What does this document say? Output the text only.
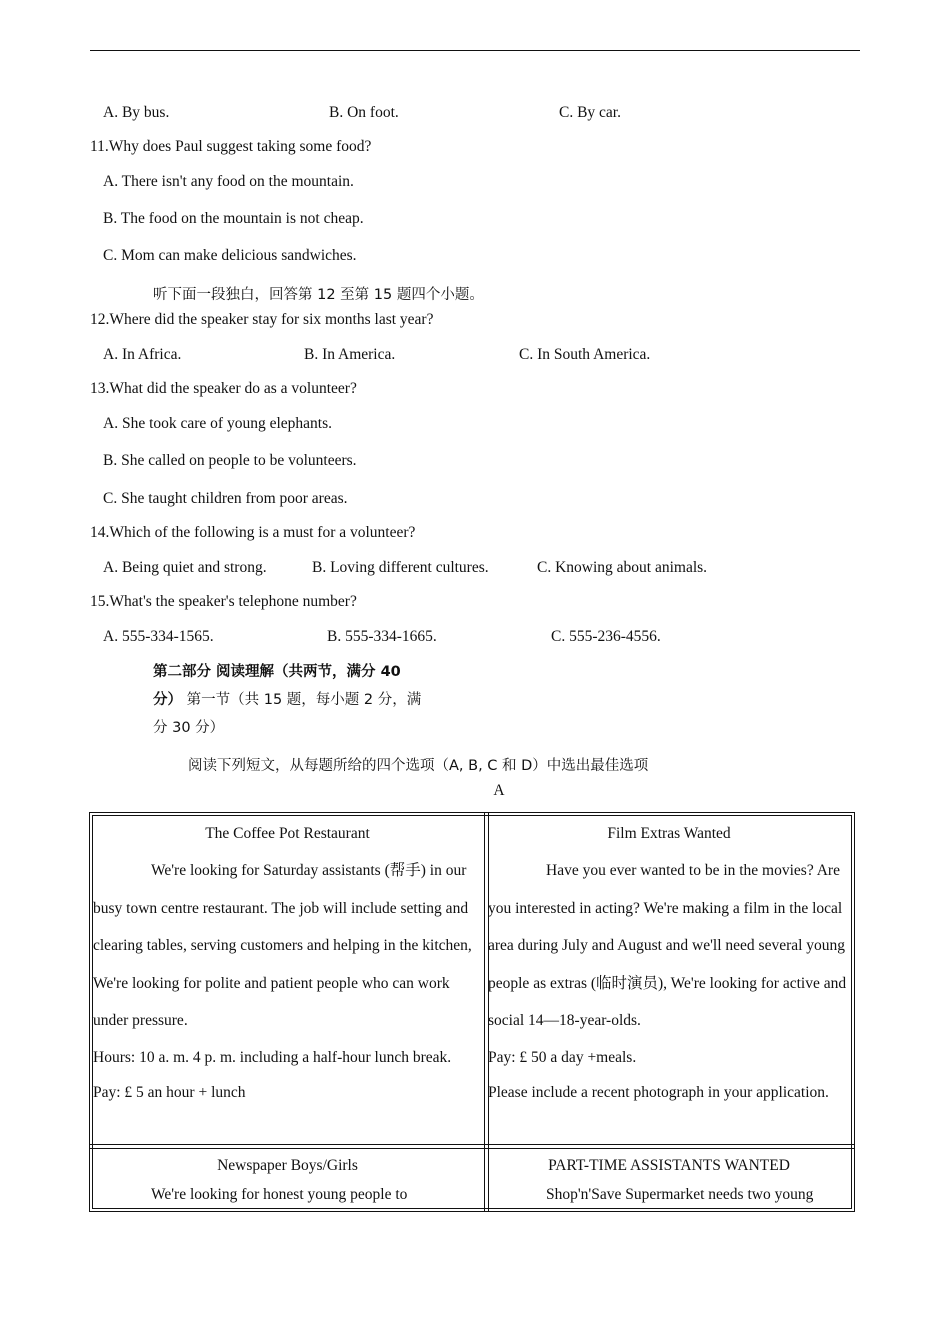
A. By bus.	B. On foot.	C. By car.
11.Why does Paul suggest taking some food?
A. There isn't any food on the mountain.
B. The food on the mountain is not cheap.
C. Mom can make delicious sandwiches.
听下面一段独白，回答第 12 至第 15 题四个小题。
12.Where did the speaker stay for six months last year?
A. In Africa.	B. In America.	C. In South America.
13.What did the speaker do as a volunteer?
A. She took care of young elephants.
B. She called on people to be volunteers.
C. She taught children from poor areas.
14.Which of the following is a must for a volunteer?
A. Being quiet and strong.	B. Loving different cultures.	C. Knowing about animals.
15.What's the speaker's telephone number?
A. 555-334-1565.	B. 555-334-1665.	C. 555-236-4556.
第二部分 阅读理解（共两节，满分 40
分） 第一节（共 15 题，每小题 2 分，满
分 30 分）
阅读下列短文，从每题所给的四个选项（A, B, C 和 D）中选出最佳选项
A

The Coffee Pot Restaurant

We're looking for Saturday assistants (帮手) in our busy town centre restaurant. The job will include setting and clearing tables, serving customers and helping in the kitchen, We're looking for polite and patient people who can work under pressure.

Hours: 10 a. m. 4 p. m. including a half-hour lunch break.

Pay: £ 5 an hour + lunch

Film Extras Wanted

Have you ever wanted to be in the movies? Are you interested in acting? We're making a film in the local area during July and August and we'll need several young people as extras (临时演员), We're looking for active and social 14—18-year-olds.

Pay: £ 50 a day +meals.

Please include a recent photograph in your application.

Newspaper Boys/Girls

We're looking for honest young people to

PART-TIME ASSISTANTS WANTED

Shop'n'Save Supermarket needs two young
